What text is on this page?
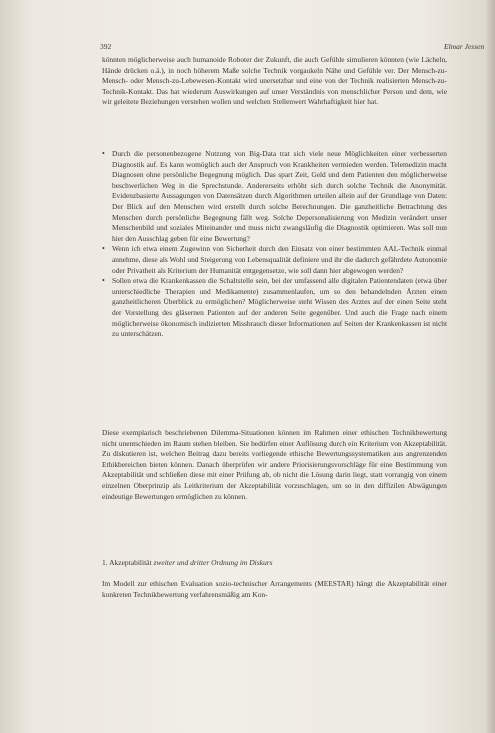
392	Elmar Jessen

könnten möglicherweise auch humanoide Roboter der Zukunft, die auch Gefühle simulieren könnten (wie Lächeln, Hände drücken o.ä.), in noch höherem Maße solche Technik vorgaukeln Nähe und Gefühle ver. Der Mensch-zu-Mensch- oder Mensch-zu-Lebewesen-Kontakt wird unersetzbar und eine von der Technik realisierten Mensch-zu-Technik-Kontakt. Das hat wiederum Auswirkungen auf unser Verständnis von menschlicher Person und dem, wie wir geleitete Beziehungen verstehen wollen und welchen Stellenwert Wahrhaftigkeit hier hat.

• Durch die personenbezogene Nutzung von Big-Data trat sich viele neue Möglichkeiten einer verbesserten Diagnostik auf. Es kann womöglich auch der Anspruch von Krankheiten vermieden werden. Telemedizin macht Diagnosen ohne persönliche Begegnung möglich. Das spart Zeit, Geld und dem Patienten den möglicherweise beschwerlichen Weg in die Sprechstunde. Andererseits erhöht sich durch solche Technik die Anonymität. Evidenzbasierte Aussagungen von Datensätzen durch Algorithmen urteilen allein auf der Grundlage von Daten: Der Blick auf den Menschen wird erstellt durch solche Berechnungen. Die ganzheitliche Betrachtung des Menschen durch persönliche Begegnung fällt weg. Solche Depersonalisierung von Medizin verändert unser Menschenbild und soziales Miteinander und muss nicht zwangsläufig die Diagnostik optimieren. Was soll nun hier den Ausschlag geben für eine Bewertung?
• Wenn ich etwa einem Zugewinn von Sicherheit durch den Einsatz von einer bestimmten AAL-Technik einmal annehme, diese als Wohl und Steigerung von Lebensqualität definiere und ihr die dadurch gefährdete Autonomie oder Privatheit als Kriterium der Humanität entgegensetze, wie soll dann hier abgewogen werden?
• Sollen etwa die Krankenkassen die Schaltstelle sein, bei der umfassend alle digitalen Patientendaten (etwa über unterschiedliche Therapien und Medikamente) zusammenlaufen, um so den behandelnden Ärzten einen ganzheitlicheren Überblick zu ermöglichen? Möglicherweise steht Wissen des Arztes auf der einen Seite steht der Vorstellung des gläsernen Patienten auf der anderen Seite gegenüber. Und auch die Frage nach einem möglicherweise ökonomisch indizierten Missbrauch dieser Informationen auf Seiten der Krankenkassen ist nicht zu unterschätzen.

Diese exemplarisch beschriebenen Dilemma-Situationen können im Rahmen einer ethischen Technikbewertung nicht unentschieden im Raum stehen bleiben. Sie bedürfen einer Auflösung durch ein Kriterium von Akzeptabilität. Zu diskutieren ist, welchen Beitrag dazu bereits vorliegende ethische Bewertungssystematiken aus angrenzenden Ethikbereichen bieten können. Danach überprüfen wir andere Priorisierungsvorschläge für eine Bestimmung von Akzeptabilität und schließen diese mit einer Prüfung ab, ob nicht die Lösung darin liegt, statt vorrangig von einem einzelnen Oberprinzip als Leitkriterium der Akzeptabilität vorzuschlagen, um so in den diffizilen Abwägungen eindeutige Bewertungen ermöglichen zu können.

1. Akzeptabilität zweiter und dritter Ordnung im Diskurs

Im Modell zur ethischen Evaluation sozio-technischer Arrangements (MEESTAR) hängt die Akzeptabilität einer konkreten Technikbewertung verfahrensmäßig am Kon-
